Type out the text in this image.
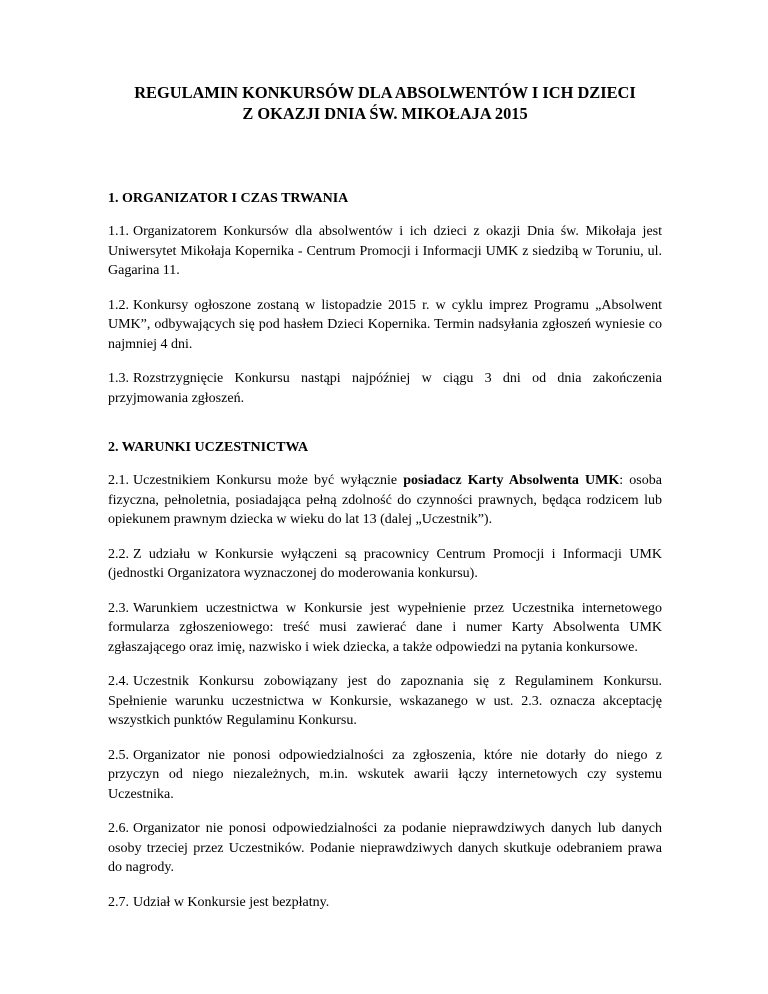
REGULAMIN KONKURSÓW DLA ABSOLWENTÓW I ICH DZIECI
Z OKAZJI DNIA ŚW. MIKOŁAJA 2015
1. ORGANIZATOR I CZAS TRWANIA

1.1. Organizatorem Konkursów dla absolwentów i ich dzieci z okazji Dnia św. Mikołaja jest Uniwersytet Mikołaja Kopernika - Centrum Promocji i Informacji UMK z siedzibą w Toruniu, ul. Gagarina 11.

1.2. Konkursy ogłoszone zostaną w listopadzie 2015 r. w cyklu imprez Programu „Absolwent UMK”, odbywających się pod hasłem Dzieci Kopernika. Termin nadsyłania zgłoszeń wyniesie co najmniej 4 dni.

1.3. Rozstrzygnięcie Konkursu nastąpi najpóźniej w ciągu 3 dni od dnia zakończenia przyjmowania zgłoszeń.

2. WARUNKI UCZESTNICTWA

2.1. Uczestnikiem Konkursu może być wyłącznie posiadacz Karty Absolwenta UMK: osoba fizyczna, pełnoletnia, posiadająca pełną zdolność do czynności prawnych, będąca rodzicem lub opiekunem prawnym dziecka w wieku do lat 13 (dalej „Uczestnik”).

2.2. Z udziału w Konkursie wyłączeni są pracownicy Centrum Promocji i Informacji UMK (jednostki Organizatora wyznaczonej do moderowania konkursu).

2.3. Warunkiem uczestnictwa w Konkursie jest wypełnienie przez Uczestnika internetowego formularza zgłoszeniowego: treść musi zawierać dane i numer Karty Absolwenta UMK zgłaszającego oraz imię, nazwisko i wiek dziecka, a także odpowiedzi na pytania konkursowe.

2.4. Uczestnik Konkursu zobowiązany jest do zapoznania się z Regulaminem Konkursu. Spełnienie warunku uczestnictwa w Konkursie, wskazanego w ust. 2.3. oznacza akceptację wszystkich punktów Regulaminu Konkursu.

2.5. Organizator nie ponosi odpowiedzialności za zgłoszenia, które nie dotarły do niego z przyczyn od niego niezależnych, m.in. wskutek awarii łączy internetowych czy systemu Uczestnika.

2.6. Organizator nie ponosi odpowiedzialności za podanie nieprawdziwych danych lub danych osoby trzeciej przez Uczestników. Podanie nieprawdziwych danych skutkuje odebraniem prawa do nagrody.

2.7. Udział w Konkursie jest bezpłatny.
